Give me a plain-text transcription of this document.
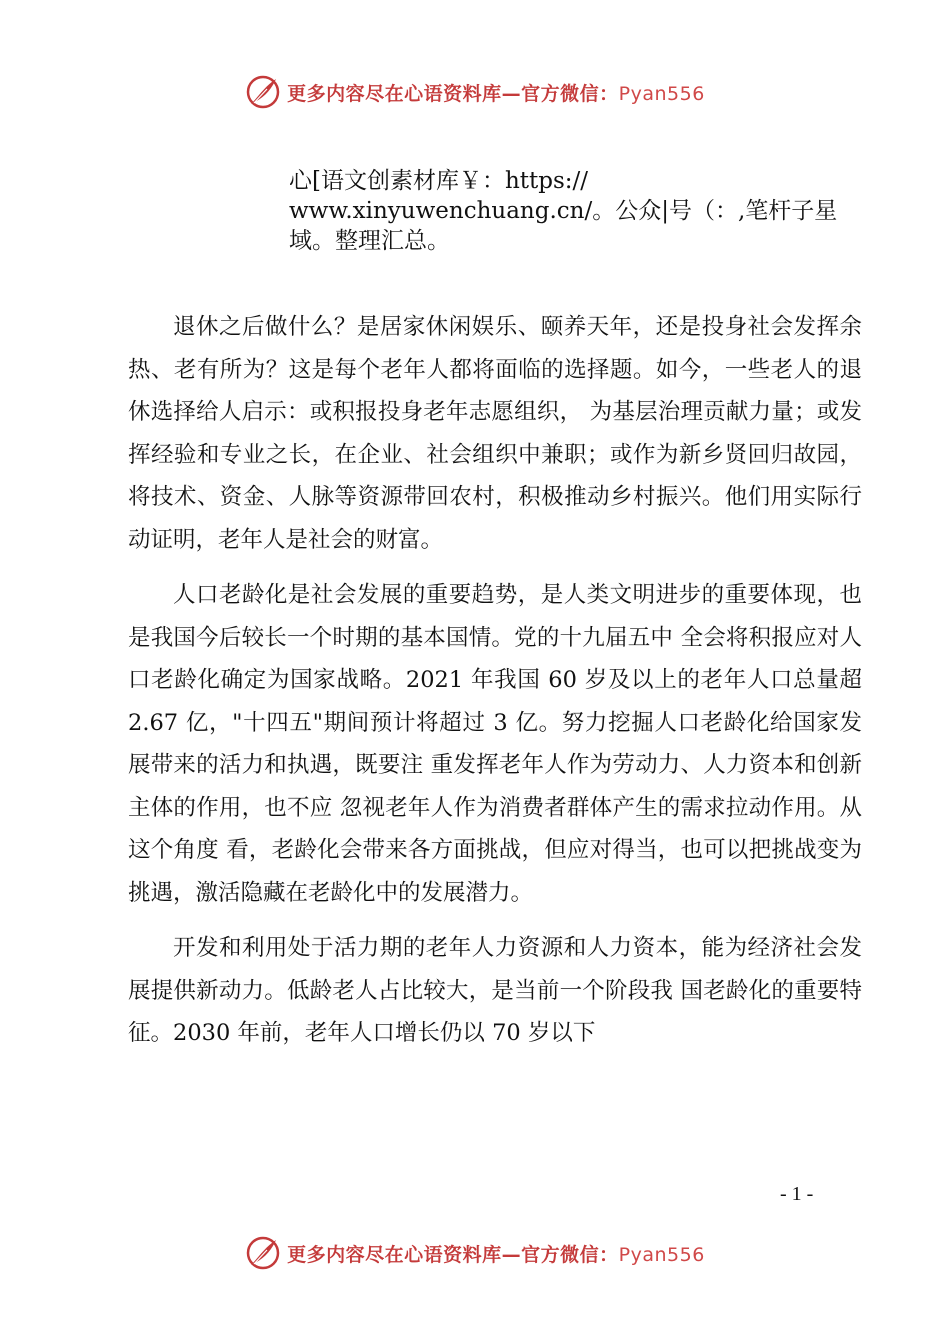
更多内容尽在心语资料库—官方微信：Pyan556
心[语文创素材库￥：https://
www.xinyuwenchuang.cn/。公众|号（：,笔杆子星
域。整理汇总。

退休之后做什么？是居家休闲娱乐、颐养天年，还是投身社会发挥余热、老有所为？这是每个老年人都将面临的选择题。如今，一些老人的退休选择给人启示：或积报投身老年志愿组织， 为基层治理贡献力量；或发挥经验和专业之长，在企业、社会组织中兼职；或作为新乡贤回归故园，将技术、资金、人脉等资源带回农村，积极推动乡村振兴。他们用实际行动证明，老年人是社会的财富。

人口老龄化是社会发展的重要趋势，是人类文明进步的重要体现，也是我国今后较长一个时期的基本国情。党的十九届五中 全会将积报应对人口老龄化确定为国家战略。2021 年我国 60 岁及以上的老年人口总量超 2.67 亿，"十四五"期间预计将超过 3 亿。努力挖掘人口老龄化给国家发展带来的活力和执遇，既要注 重发挥老年人作为劳动力、人力资本和创新主体的作用，也不应 忽视老年人作为消费者群体产生的需求拉动作用。从这个角度 看，老龄化会带来各方面挑战，但应对得当，也可以把挑战变为挑遇，激活隐藏在老龄化中的发展潜力。

开发和利用处于活力期的老年人力资源和人力资本，能为经济社会发展提供新动力。低龄老人占比较大，是当前一个阶段我 国老龄化的重要特征。2030 年前，老年人口增长仍以 70 岁以下

- 1 -
更多内容尽在心语资料库—官方微信：Pyan556
